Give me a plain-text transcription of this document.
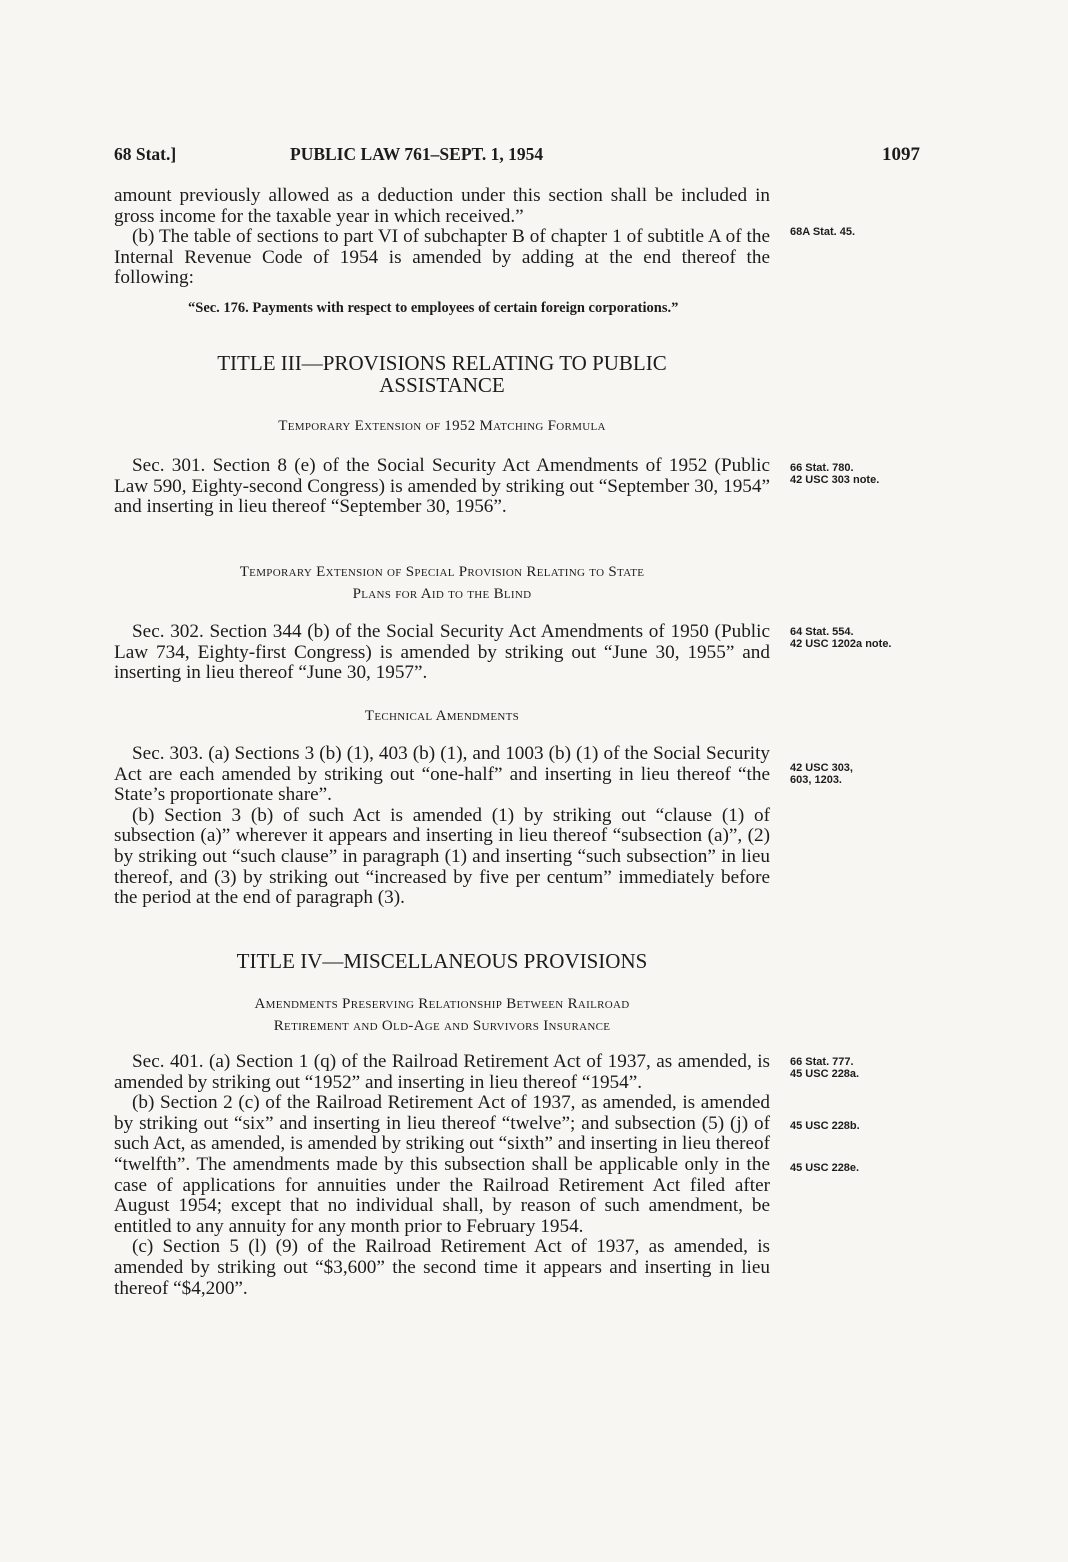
68 Stat.]	PUBLIC LAW 761–SEPT. 1, 1954	1097

amount previously allowed as a deduction under this section shall be included in gross income for the taxable year in which received.”

(b) The table of sections to part VI of subchapter B of chapter 1 of subtitle A of the Internal Revenue Code of 1954 is amended by adding at the end thereof the following:

“Sec. 176. Payments with respect to employees of certain foreign corporations.”
TITLE III—PROVISIONS RELATING TO PUBLIC
ASSISTANCE
Temporary Extension of 1952 Matching Formula

Sec. 301. Section 8 (e) of the Social Security Act Amendments of 1952 (Public Law 590, Eighty-second Congress) is amended by striking out “September 30, 1954” and inserting in lieu thereof “September 30, 1956”.

Temporary Extension of Special Provision Relating to State
Plans for Aid to the Blind

Sec. 302. Section 344 (b) of the Social Security Act Amendments of 1950 (Public Law 734, Eighty-first Congress) is amended by striking out “June 30, 1955” and inserting in lieu thereof “June 30, 1957”.

Technical Amendments

Sec. 303. (a) Sections 3 (b) (1), 403 (b) (1), and 1003 (b) (1) of the Social Security Act are each amended by striking out “one-half” and inserting in lieu thereof “the State’s proportionate share”.

(b) Section 3 (b) of such Act is amended (1) by striking out “clause (1) of subsection (a)” wherever it appears and inserting in lieu thereof “subsection (a)”, (2) by striking out “such clause” in paragraph (1) and inserting “such subsection” in lieu thereof, and (3) by striking out “increased by five per centum” immediately before the period at the end of paragraph (3).

TITLE IV—MISCELLANEOUS PROVISIONS
Amendments Preserving Relationship Between Railroad
Retirement and Old-Age and Survivors Insurance

Sec. 401. (a) Section 1 (q) of the Railroad Retirement Act of 1937, as amended, is amended by striking out “1952” and inserting in lieu thereof “1954”.

(b) Section 2 (c) of the Railroad Retirement Act of 1937, as amended, is amended by striking out “six” and inserting in lieu thereof “twelve”; and subsection (5) (j) of such Act, as amended, is amended by striking out “sixth” and inserting in lieu thereof “twelfth”. The amendments made by this subsection shall be applicable only in the case of applications for annuities under the Railroad Retirement Act filed after August 1954; except that no individual shall, by reason of such amendment, be entitled to any annuity for any month prior to February 1954.

(c) Section 5 (l) (9) of the Railroad Retirement Act of 1937, as amended, is amended by striking out “$3,600” the second time it appears and inserting in lieu thereof “$4,200”.

68A Stat. 45.
66 Stat. 780.
42 USC 303 note.
64 Stat. 554.
42 USC 1202a note.
42 USC 303,
603, 1203.
66 Stat. 777.
45 USC 228a.
45 USC 228b.
45 USC 228e.
